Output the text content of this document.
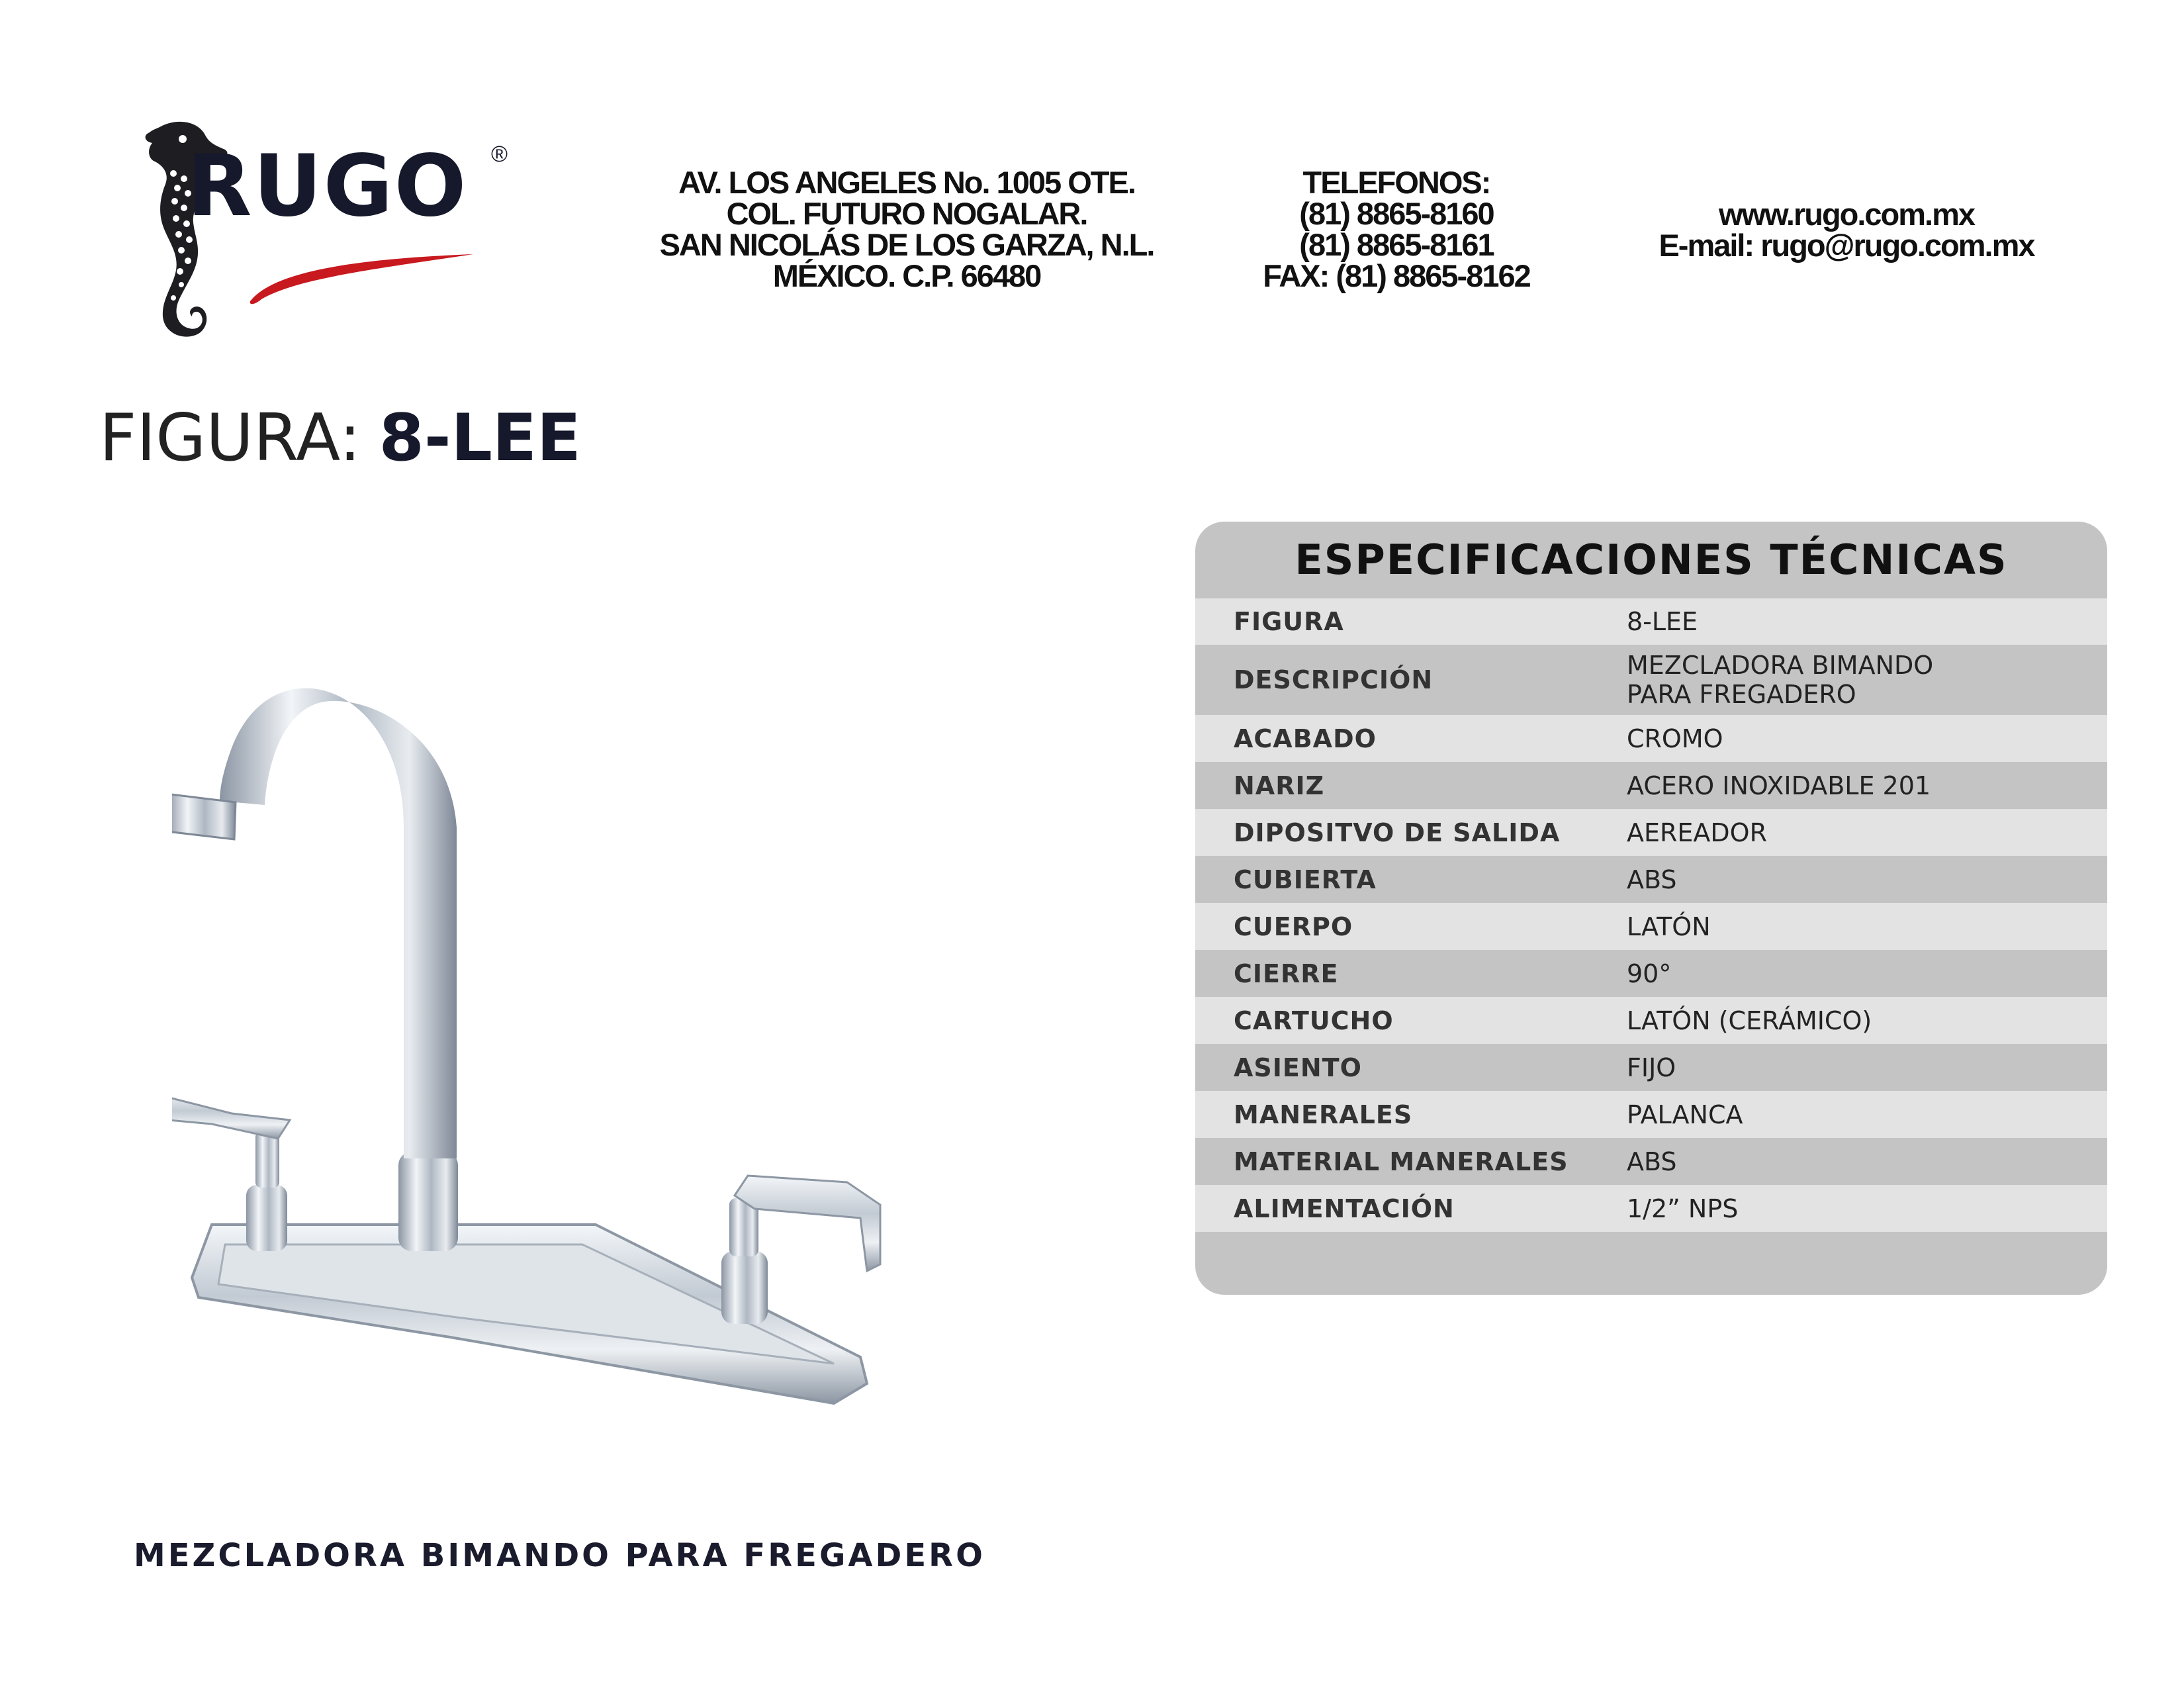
RUGO ®
AV. LOS ANGELES No. 1005 OTE.
COL. FUTURO NOGALAR.
SAN NICOLÁS DE LOS GARZA, N.L.
MÉXICO. C.P. 66480
TELEFONOS:
(81) 8865-8160
(81) 8865-8161
FAX: (81) 8865-8162
www.rugo.com.mx
E-mail: rugo@rugo.com.mx
FIGURA: 8-LEE
MEZCLADORA BIMANDO PARA FREGADERO
ESPECIFICACIONES TÉCNICAS
FIGURA	8-LEE
DESCRIPCIÓN	MEZCLADORA BIMANDO
PARA FREGADERO
ACABADO	CROMO
NARIZ	ACERO INOXIDABLE 201
DIPOSITVO DE SALIDA	AEREADOR
CUBIERTA	ABS
CUERPO	LATÓN
CIERRE	90°
CARTUCHO	LATÓN (CERÁMICO)
ASIENTO	FIJO
MANERALES	PALANCA
MATERIAL MANERALES ABS
ALIMENTACIÓN	1/2” NPS
